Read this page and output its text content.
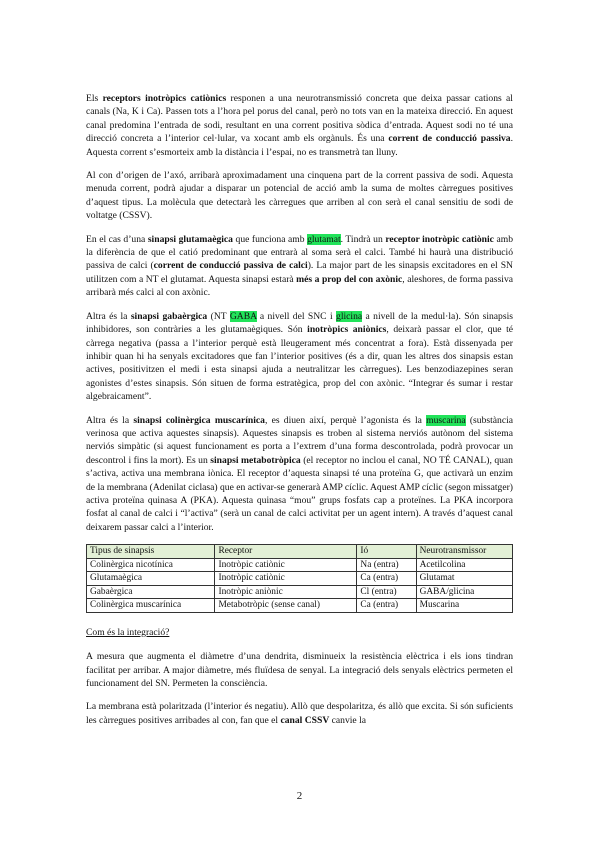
Els receptors inotròpics catiònics responen a una neurotransmissió concreta que deixa passar cations al canals (Na, K i Ca). Passen tots a l’hora pel porus del canal, però no tots van en la mateixa direcció. En aquest canal predomina l’entrada de sodi, resultant en una corrent positiva sòdica d’entrada. Aquest sodi no té una direcció concreta a l’interior cel·lular, va xocant amb els orgànuls. És una corrent de conducció passiva. Aquesta corrent s’esmorteix amb la distància i l’espai, no es transmetrà tan lluny.

Al con d’origen de l’axó, arribarà aproximadament una cinquena part de la corrent passiva de sodi. Aquesta menuda corrent, podrà ajudar a disparar un potencial de acció amb la suma de moltes càrregues positives d’aquest tipus. La molècula que detectarà les càrregues que arriben al con serà el canal sensitiu de sodi de voltatge (CSSV).

En el cas d’una sinapsi glutamaègica que funciona amb glutamat. Tindrà un receptor inotròpic catiònic amb la diferència de que el catió predominant que entrarà al soma serà el calci. També hi haurà una distribució passiva de calci (corrent de conducció passiva de calci). La major part de les sinapsis excitadores en el SN utilitzen com a NT el glutamat. Aquesta sinapsi estarà més a prop del con axònic, aleshores, de forma passiva arribarà més calci al con axònic.

Altra és la sinapsi gabaèrgica (NT GABA a nivell del SNC i glicina a nivell de la medul·la). Són sinapsis inhibidores, son contràries a les glutamaègiques. Són inotròpics aniònics, deixarà passar el clor, que té càrrega negativa (passa a l’interior perquè està lleugerament més concentrat a fora). Està dissenyada per inhibir quan hi ha senyals excitadores que fan l’interior positives (és a dir, quan les altres dos sinapsis estan actives, positivitzen el medi i esta sinapsi ajuda a neutralitzar les càrregues). Les benzodiazepines seran agonistes d’estes sinapsis. Són situen de forma estratègica, prop del con axònic. “Integrar és sumar i restar algebraicament”.

Altra és la sinapsi colinèrgica muscarínica, es diuen així, perquè l’agonista és la muscarina (substància verinosa que activa aquestes sinapsis). Aquestes sinapsis es troben al sistema nerviós autònom del sistema nerviós simpàtic (si aquest funcionament es porta a l’extrem d’una forma descontrolada, podrà provocar un descontrol i fins la mort). Es un sinapsi metabotròpica (el receptor no inclou el canal, NO TÉ CANAL), quan s’activa, activa una membrana iònica. El receptor d’aquesta sinapsi té una proteïna G, que activarà un enzim de la membrana (Adenilat ciclasa) que en activar-se generarà AMP cíclic. Aquest AMP cíclic (segon missatger) activa proteïna quinasa A (PKA). Aquesta quinasa “mou” grups fosfats cap a proteïnes. La PKA incorpora fosfat al canal de calci i “l’activa” (serà un canal de calci activitat per un agent intern). A través d’aquest canal deixarem passar calci a l’interior.

Tipus de sinapsis	Receptor	Ió	Neurotransmissor
Colinèrgica nicotínica	Inotròpic catiònic	Na (entra)	Acetilcolina
Glutamaègica	Inotròpic catiònic	Ca (entra)	Glutamat
Gabaèrgica	Inotròpic aniònic	Cl (entra)	GABA/glicina
Colinèrgica muscarínica	Metabotròpic (sense canal)	Ca (entra)	Muscarina

Com és la integració?

A mesura que augmenta el diàmetre d’una dendrita, disminueix la resistència elèctrica i els ions tindran facilitat per arribar. A major diàmetre, més fluïdesa de senyal. La integració dels senyals elèctrics permeten el funcionament del SN. Permeten la consciència.

La membrana està polaritzada (l’interior és negatiu). Allò que despolaritza, és allò que excita. Si són suficients les càrregues positives arribades al con, fan que el canal CSSV canvie la

2
